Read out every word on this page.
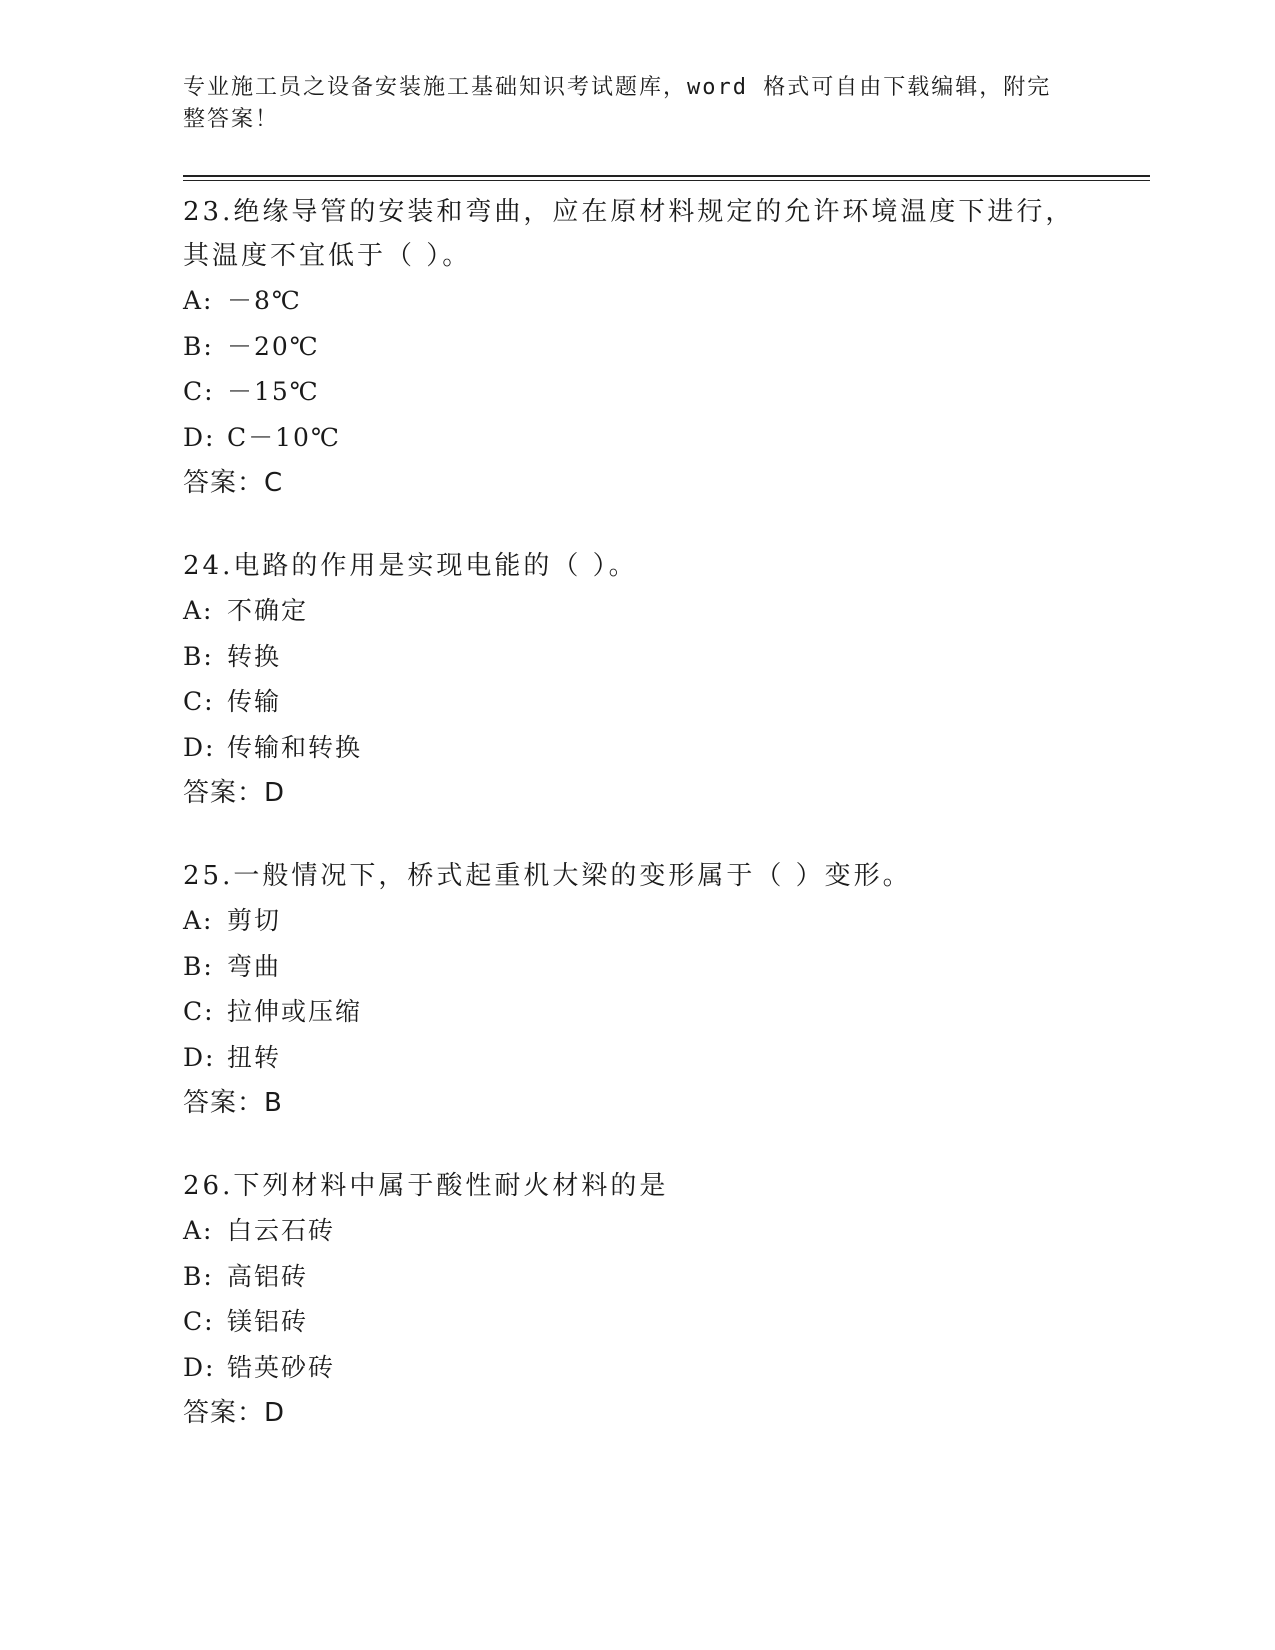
专业施工员之设备安装施工基础知识考试题库，word 格式可自由下载编辑，附完
整答案！

23.绝缘导管的安装和弯曲，应在原材料规定的允许环境温度下进行，

其温度不宜低于（ ）。

A: －8℃

B: －20℃

C: －15℃

D: C－10℃

答案：C

24.电路的作用是实现电能的（ ）。

A: 不确定

B: 转换

C: 传输

D: 传输和转换

答案：D

25.一般情况下，桥式起重机大梁的变形属于（ ）变形。

A: 剪切

B: 弯曲

C: 拉伸或压缩

D: 扭转

答案：B

26.下列材料中属于酸性耐火材料的是

A: 白云石砖

B: 高铝砖

C: 镁铝砖

D: 锆英砂砖

答案：D
